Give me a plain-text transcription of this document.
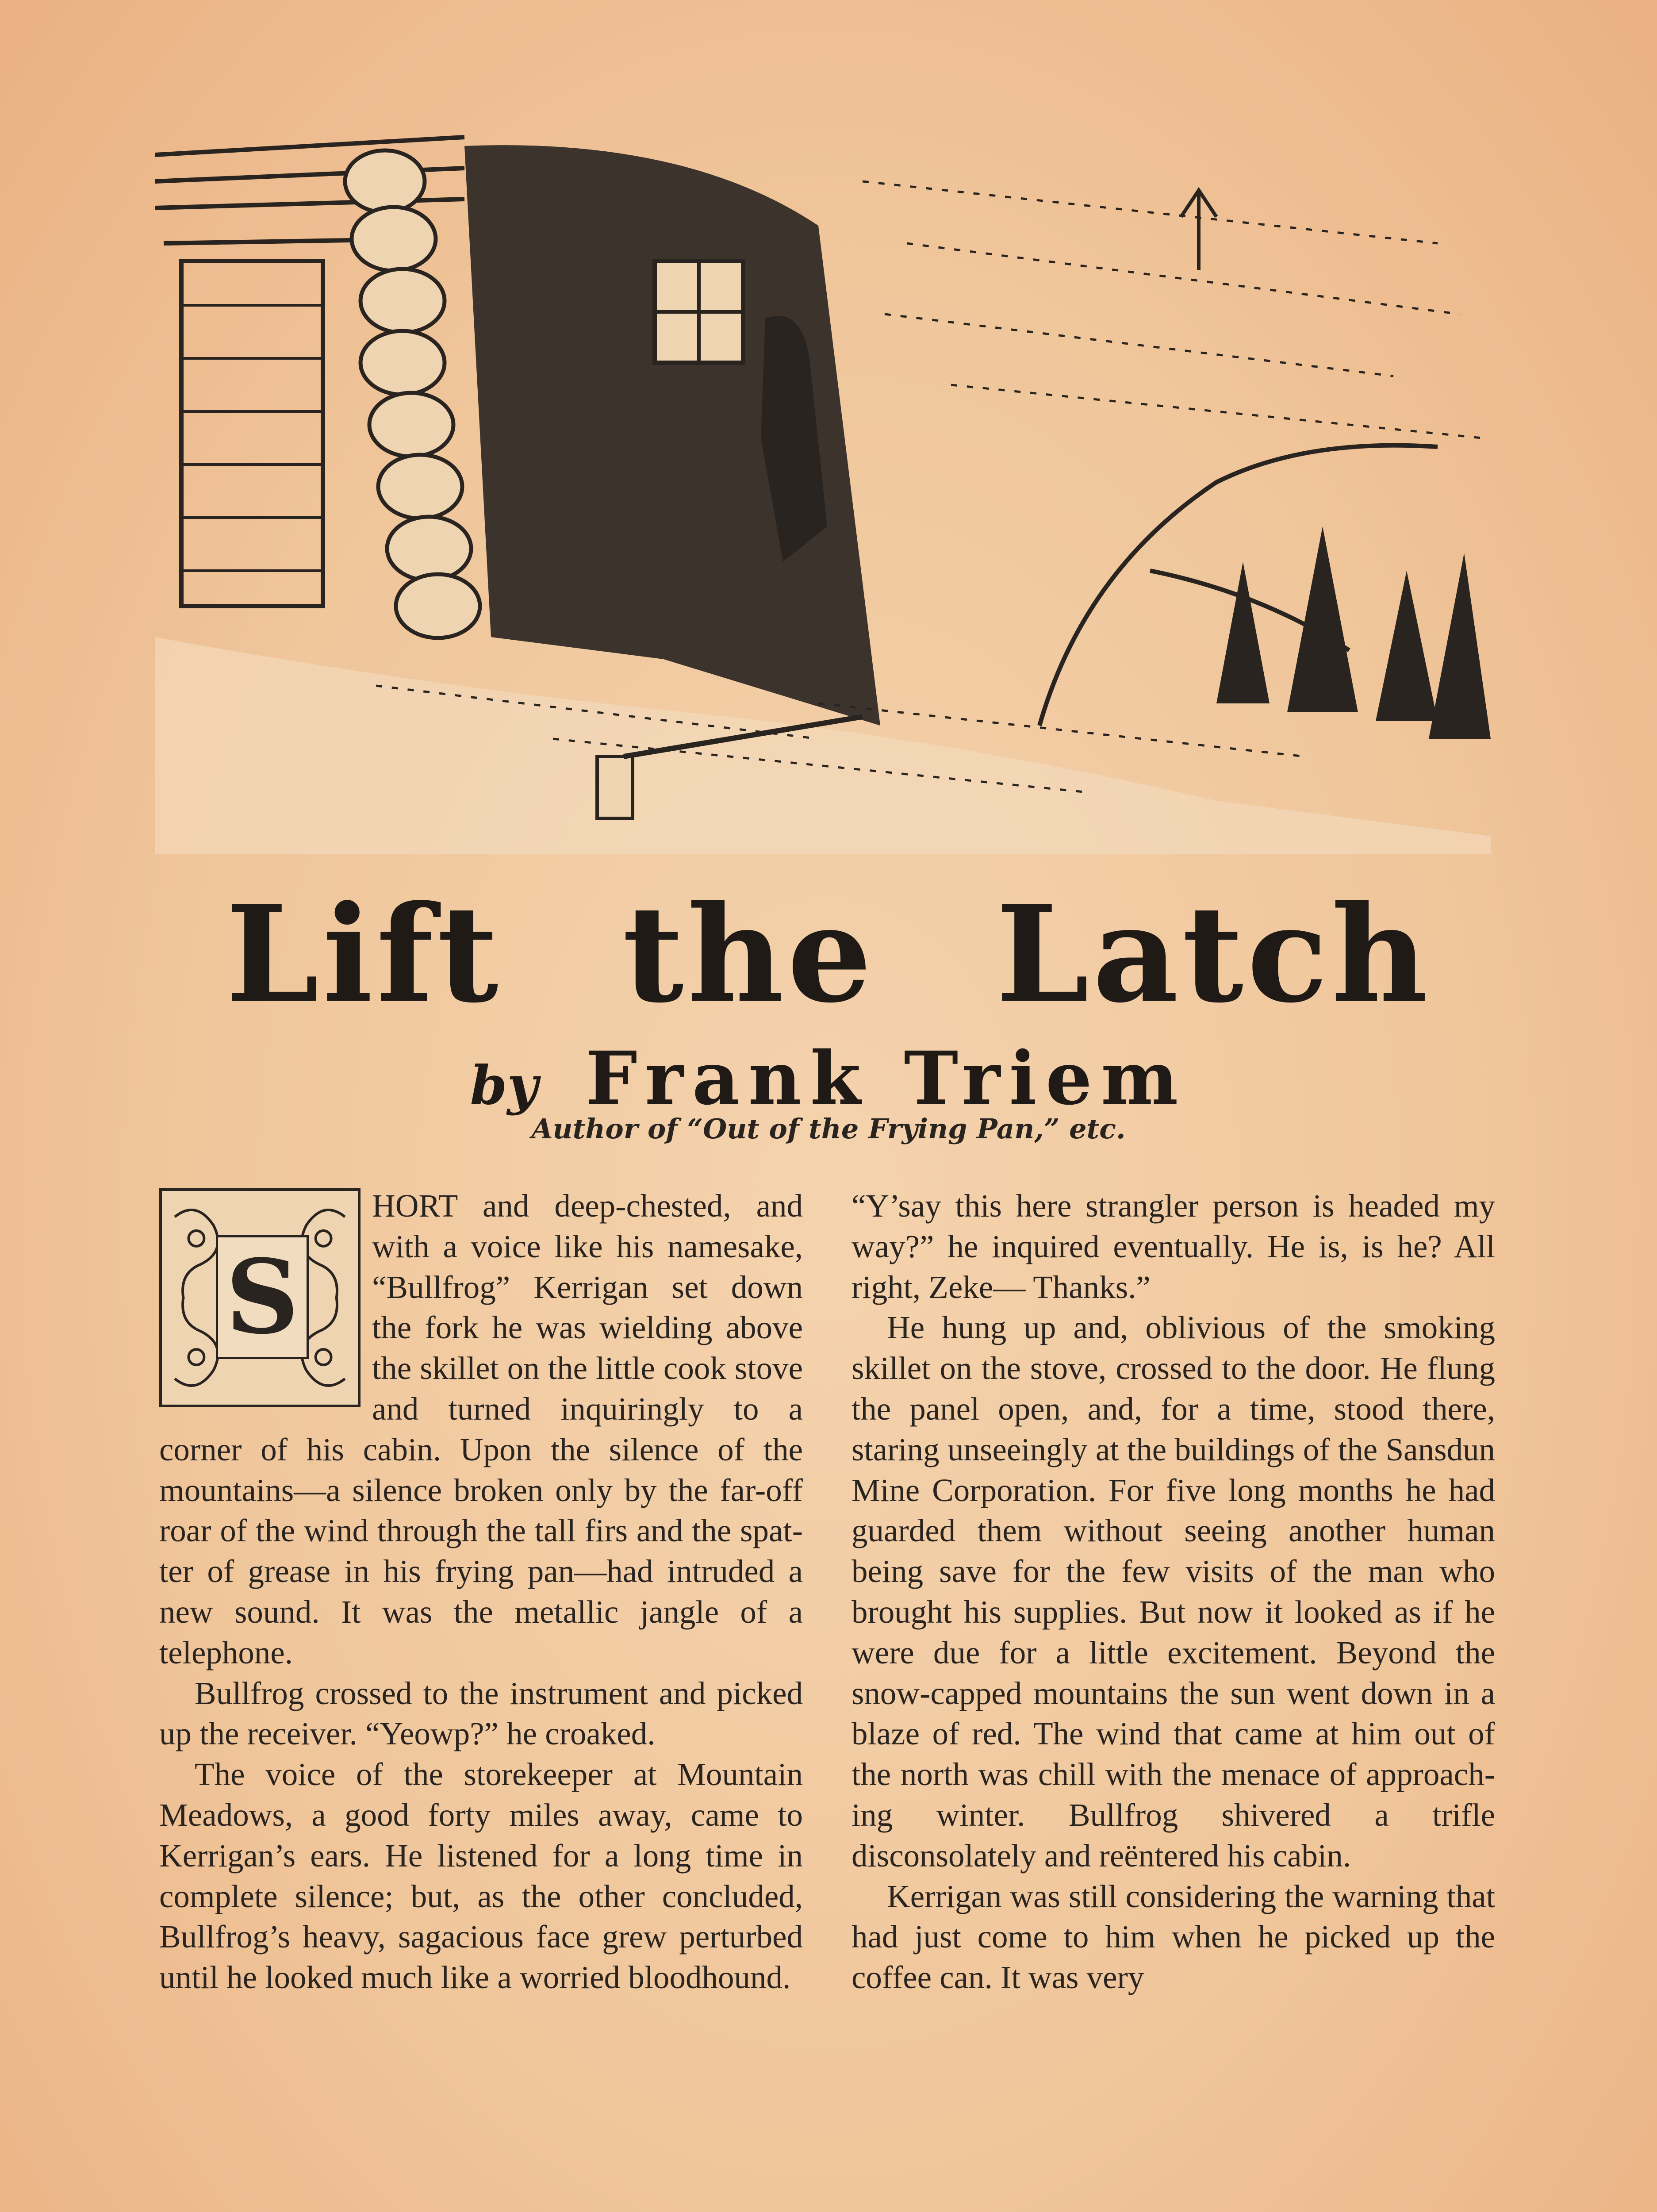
Lift the Latch
by Frank Triem
Author of “Out of the Frying Pan,” etc.
S

HORT and deep-chested, and with a voice like his namesake, “Bullfrog” Kerrigan set down the fork he was wielding above the skillet on the little cook stove and turned inquiringly to a corner of his cabin. Upon the silence of the mountains—a silence broken only by the far-off roar of the wind through the tall firs and the spatter of grease in his frying pan—had intruded a new sound. It was the metallic jangle of a telephone.

Bullfrog crossed to the instrument and picked up the receiver. “Yeowp?” he croaked.

The voice of the storekeeper at Mountain Meadows, a good forty miles away, came to Kerrigan’s ears. He listened for a long time in complete silence; but, as the other concluded, Bullfrog’s heavy, sagacious face grew perturbed until he looked much like a worried bloodhound.

“Y’say this here strangler person is headed my way?” he inquired eventually. He is, is he? All right, Zeke— Thanks.”

He hung up and, oblivious of the smoking skillet on the stove, crossed to the door. He flung the panel open, and, for a time, stood there, staring unseeingly at the buildings of the Sansdun Mine Corporation. For five long months he had guarded them without seeing another human being save for the few visits of the man who brought his supplies. But now it looked as if he were due for a little excitement. Beyond the snow-capped mountains the sun went down in a blaze of red. The wind that came at him out of the north was chill with the menace of approaching winter. Bullfrog shivered a trifle disconsolately and reëntered his cabin.

Kerrigan was still considering the warning that had just come to him when he picked up the coffee can. It was very
